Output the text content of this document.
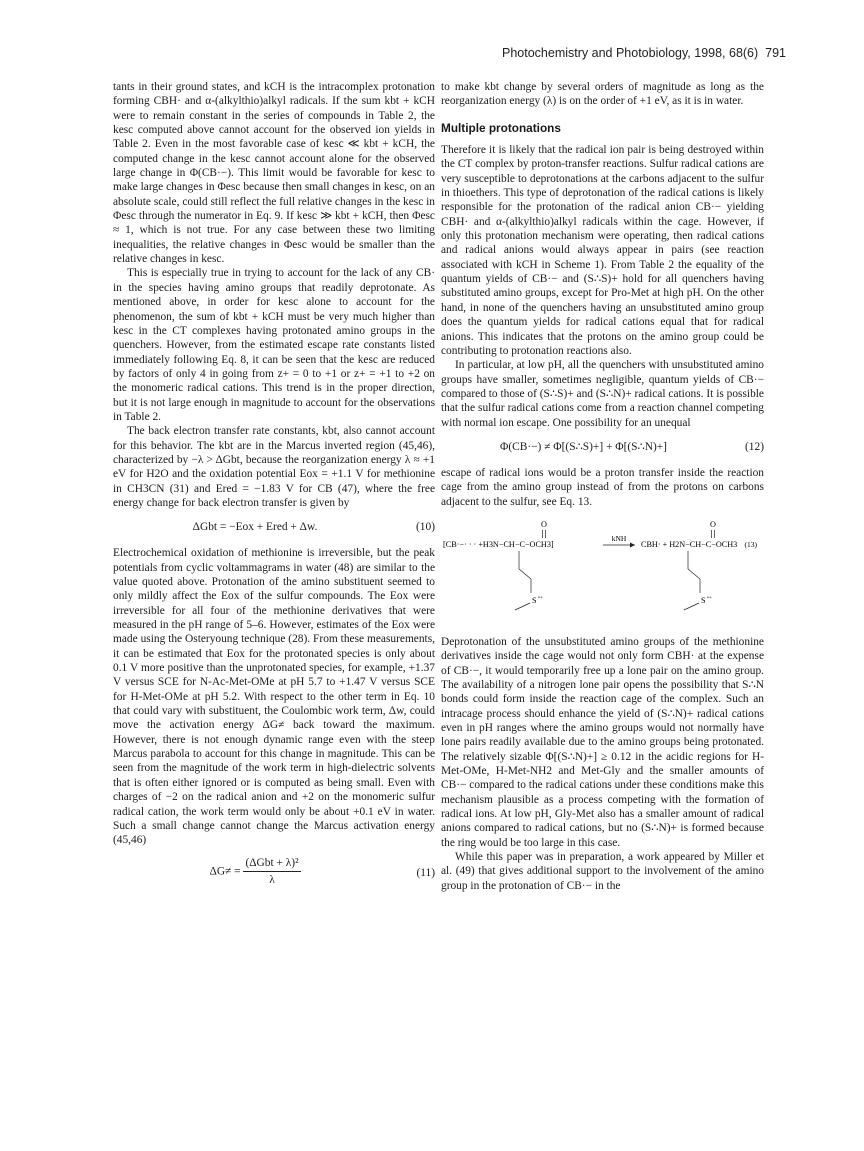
Photochemistry and Photobiology, 1998, 68(6) 791

tants in their ground states, and kCH is the intracomplex protonation forming CBH· and α-(alkylthio)alkyl radicals. If the sum kbt + kCH were to remain constant in the series of compounds in Table 2, the kesc computed above cannot account for the observed ion yields in Table 2. Even in the most favorable case of kesc ≪ kbt + kCH, the computed change in the kesc cannot account alone for the observed large change in Φ(CB·−). This limit would be favorable for kesc to make large changes in Φesc because then small changes in kesc, on an absolute scale, could still reflect the full relative changes in the kesc in Φesc through the numerator in Eq. 9. If kesc ≫ kbt + kCH, then Φesc ≈ 1, which is not true. For any case between these two limiting inequalities, the relative changes in Φesc would be smaller than the relative changes in kesc.

This is especially true in trying to account for the lack of any CB· in the species having amino groups that readily deprotonate. As mentioned above, in order for kesc alone to account for the phenomenon, the sum of kbt + kCH must be very much higher than kesc in the CT complexes having protonated amino groups in the quenchers. However, from the estimated escape rate constants listed immediately following Eq. 8, it can be seen that the kesc are reduced by factors of only 4 in going from z+ = 0 to +1 or z+ = +1 to +2 on the monomeric radical cations. This trend is in the proper direction, but it is not large enough in magnitude to account for the observations in Table 2.

The back electron transfer rate constants, kbt, also cannot account for this behavior. The kbt are in the Marcus inverted region (45,46), characterized by −λ > ΔGbt, because the reorganization energy λ ≈ +1 eV for H2O and the oxidation potential Eox = +1.1 V for methionine in CH3CN (31) and Ered = −1.83 V for CB (47), where the free energy change for back electron transfer is given by

ΔGbt = −Eox + Ered + Δw.	(10)

Electrochemical oxidation of methionine is irreversible, but the peak potentials from cyclic voltammagrams in water (48) are similar to the value quoted above. Protonation of the amino substituent seemed to only mildly affect the Eox of the sulfur compounds. The Eox were irreversible for all four of the methionine derivatives that were measured in the pH range of 5–6. However, estimates of the Eox were made using the Osteryoung technique (28). From these measurements, it can be estimated that Eox for the protonated species is only about 0.1 V more positive than the unprotonated species, for example, +1.37 V versus SCE for N-Ac-Met-OMe at pH 5.7 to +1.47 V versus SCE for H-Met-OMe at pH 5.2. With respect to the other term in Eq. 10 that could vary with substituent, the Coulombic work term, Δw, could move the activation energy ΔG≠ back toward the maximum. However, there is not enough dynamic range even with the steep Marcus parabola to account for this change in magnitude. This can be seen from the magnitude of the work term in high-dielectric solvents that is often either ignored or is computed as being small. Even with charges of −2 on the radical anion and +2 on the monomeric sulfur radical cation, the work term would only be about +0.1 eV in water. Such a small change cannot change the Marcus activation energy (45,46)

ΔG≠ =
(ΔGbt + λ)²
λ
(11)

to make kbt change by several orders of magnitude as long as the reorganization energy (λ) is on the order of +1 eV, as it is in water.

Multiple protonations

Therefore it is likely that the radical ion pair is being destroyed within the CT complex by proton-transfer reactions. Sulfur radical cations are very susceptible to deprotonations at the carbons adjacent to the sulfur in thioethers. This type of deprotonation of the radical cations is likely responsible for the protonation of the radical anion CB·− yielding CBH· and α-(alkylthio)alkyl radicals within the cage. However, if only this protonation mechanism were operating, then radical cations and radical anions would always appear in pairs (see reaction associated with kCH in Scheme 1). From Table 2 the equality of the quantum yields of CB·− and (S∴S)+ hold for all quenchers having substituted amino groups, except for Pro-Met at high pH. On the other hand, in none of the quenchers having an unsubstituted amino group does the quantum yields for radical cations equal that for radical anions. This indicates that the protons on the amino group could be contributing to protonation reactions also.

In particular, at low pH, all the quenchers with unsubstituted amino groups have smaller, sometimes negligible, quantum yields of CB·− compared to those of (S∴S)+ and (S∴N)+ radical cations. It is possible that the sulfur radical cations come from a reaction channel competing with normal ion escape. One possibility for an unequal

Φ(CB·−) ≠ Φ[(S∴S)+] + Φ[(S∴N)+]	(12)

escape of radical ions would be a proton transfer inside the reaction cage from the amino group instead of from the protons on carbons adjacent to the sulfur, see Eq. 13.

O	O
[CB·−· · · +H3N−CH−C−OCH3]
kNH
CBH· + H2N−CH−C−OCH3 (13)
S •+	S •+

Deprotonation of the unsubstituted amino groups of the methionine derivatives inside the cage would not only form CBH· at the expense of CB·−, it would temporarily free up a lone pair on the amino group. The availability of a nitrogen lone pair opens the possibility that S∴N bonds could form inside the reaction cage of the complex. Such an intracage process should enhance the yield of (S∴N)+ radical cations even in pH ranges where the amino groups would not normally have lone pairs readily available due to the amino groups being protonated. The relatively sizable Φ[(S∴N)+] ≥ 0.12 in the acidic regions for H-Met-OMe, H-Met-NH2 and Met-Gly and the smaller amounts of CB·− compared to the radical cations under these conditions make this mechanism plausible as a process competing with the formation of radical ions. At low pH, Gly-Met also has a smaller amount of radical anions compared to radical cations, but no (S∴N)+ is formed because the ring would be too large in this case.

While this paper was in preparation, a work appeared by Miller et al. (49) that gives additional support to the involvement of the amino group in the protonation of CB·− in the
